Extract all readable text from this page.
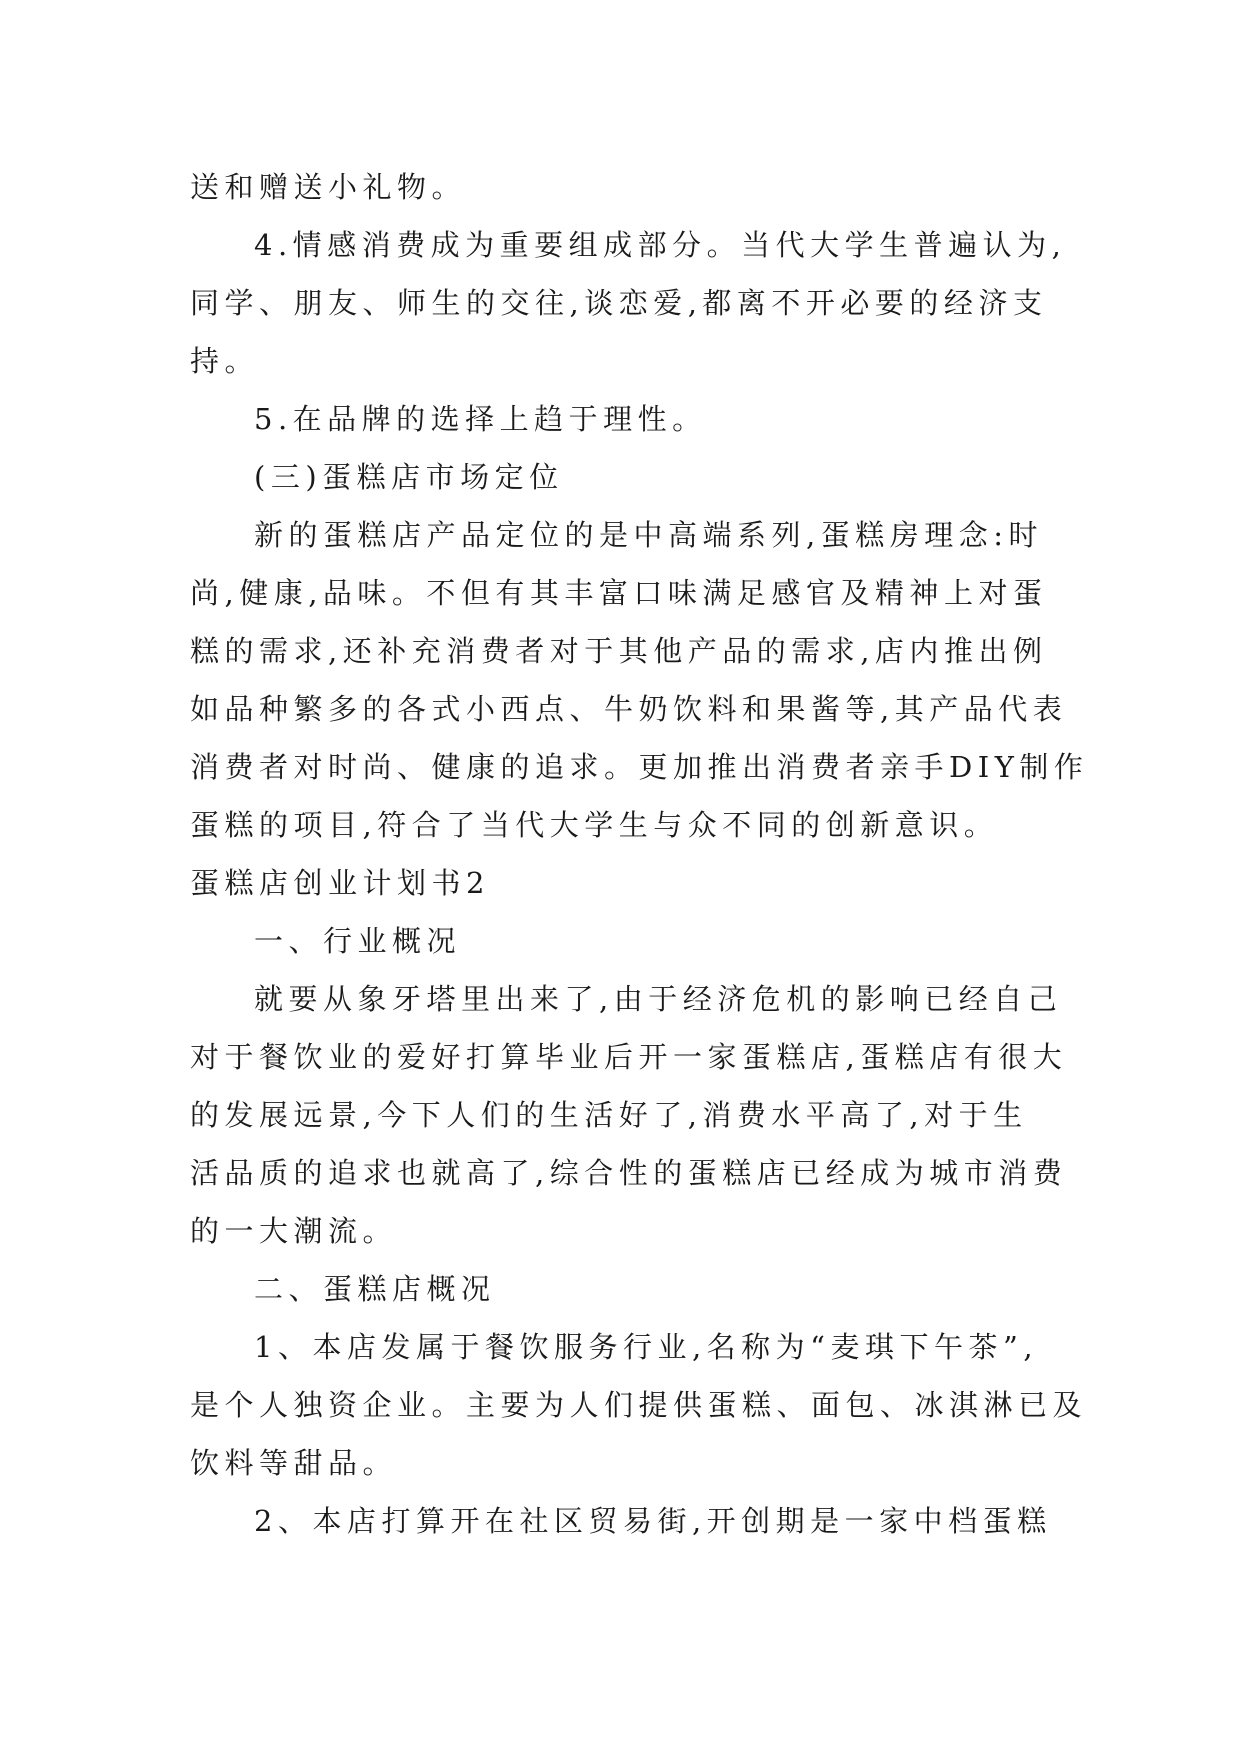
送和赠送小礼物。
4.情感消费成为重要组成部分。当代大学生普遍认为,
同学、朋友、师生的交往,谈恋爱,都离不开必要的经济支
持。
5.在品牌的选择上趋于理性。
(三)蛋糕店市场定位
新的蛋糕店产品定位的是中高端系列,蛋糕房理念:时
尚,健康,品味。不但有其丰富口味满足感官及精神上对蛋
糕的需求,还补充消费者对于其他产品的需求,店内推出例
如品种繁多的各式小西点、牛奶饮料和果酱等,其产品代表
消费者对时尚、健康的追求。更加推出消费者亲手DIY制作
蛋糕的项目,符合了当代大学生与众不同的创新意识。
蛋糕店创业计划书2
一、行业概况
就要从象牙塔里出来了,由于经济危机的影响已经自己
对于餐饮业的爱好打算毕业后开一家蛋糕店,蛋糕店有很大
的发展远景,今下人们的生活好了,消费水平高了,对于生
活品质的追求也就高了,综合性的蛋糕店已经成为城市消费
的一大潮流。
二、蛋糕店概况
1、本店发属于餐饮服务行业,名称为“麦琪下午茶”,
是个人独资企业。主要为人们提供蛋糕、面包、冰淇淋已及
饮料等甜品。
2、本店打算开在社区贸易街,开创期是一家中档蛋糕
